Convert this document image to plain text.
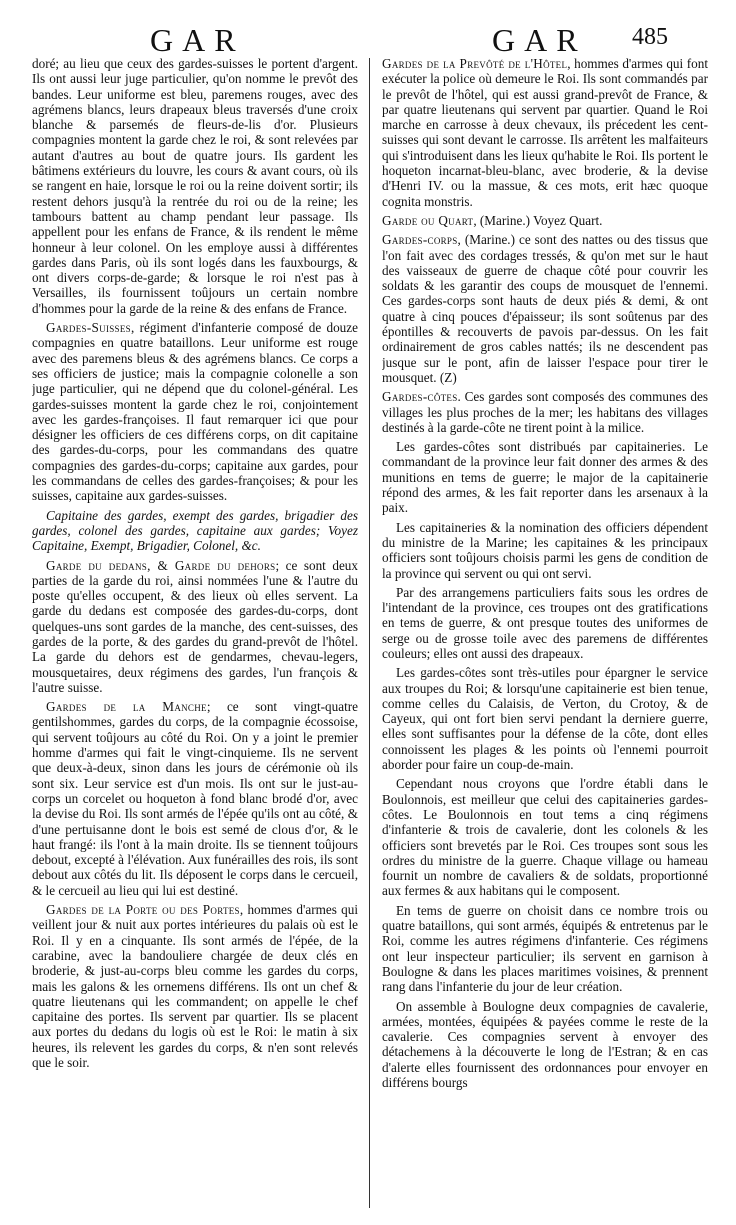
GAR	GAR 485

doré; au lieu que ceux des gardes-suisses le portent d'argent. Ils ont aussi leur juge particulier, qu'on nomme le prevôt des bandes. Leur uniforme est bleu, paremens rouges, avec des agrémens blancs, leurs drapeaux bleus traversés d'une croix blanche & parsemés de fleurs-de-lis d'or. Plusieurs compagnies montent la garde chez le roi, & sont relevées par autant d'autres au bout de quatre jours. Ils gardent les bâtimens extérieurs du louvre, les cours & avant cours, où ils se rangent en haie, lorsque le roi ou la reine doivent sortir; ils restent dehors jusqu'à la rentrée du roi ou de la reine; les tambours battent au champ pendant leur passage. Ils appellent pour les enfans de France, & ils rendent le même honneur à leur colonel. On les employe aussi à différentes gardes dans Paris, où ils sont logés dans les fauxbourgs, & ont divers corps-de-garde; & lorsque le roi n'est pas à Versailles, ils fournissent toûjours un certain nombre d'hommes pour la garde de la reine & des enfans de France.

Gardes-Suisses, régiment d'infanterie composé de douze compagnies en quatre bataillons. Leur uniforme est rouge avec des paremens bleus & des agrémens blancs. Ce corps a ses officiers de justice; mais la compagnie colonelle a son juge particulier, qui ne dépend que du colonel-général. Les gardes-suisses montent la garde chez le roi, conjointement avec les gardes-françoises. Il faut remarquer ici que pour désigner les officiers de ces différens corps, on dit capitaine des gardes-du-corps, pour les commandans des quatre compagnies des gardes-du-corps; capitaine aux gardes, pour les commandans de celles des gardes-françoises; & pour les suisses, capitaine aux gardes-suisses.

Capitaine des gardes, exempt des gardes, brigadier des gardes, colonel des gardes, capitaine aux gardes; Voyez Capitaine, Exempt, Brigadier, Colonel, &c.

Garde du dedans, & Garde du dehors; ce sont deux parties de la garde du roi, ainsi nommées l'une & l'autre du poste qu'elles occupent, & des lieux où elles servent. La garde du dedans est composée des gardes-du-corps, dont quelques-uns sont gardes de la manche, des cent-suisses, des gardes de la porte, & des gardes du grand-prevôt de l'hôtel. La garde du dehors est de gendarmes, chevau-legers, mousquetaires, deux régimens des gardes, l'un françois & l'autre suisse.

Gardes de la Manche; ce sont vingt-quatre gentilshommes, gardes du corps, de la compagnie écossoise, qui servent toûjours au côté du Roi. On y a joint le premier homme d'armes qui fait le vingt-cinquieme. Ils ne servent que deux-à-deux, sinon dans les jours de cérémonie où ils sont six. Leur service est d'un mois. Ils ont sur le just-au-corps un corcelet ou hoqueton à fond blanc brodé d'or, avec la devise du Roi. Ils sont armés de l'épée qu'ils ont au côté, & d'une pertuisanne dont le bois est semé de clous d'or, & le haut frangé: ils l'ont à la main droite. Ils se tiennent toûjours debout, excepté à l'élévation. Aux funérailles des rois, ils sont debout aux côtés du lit. Ils déposent le corps dans le cercueil, & le cercueil au lieu qui lui est destiné.

Gardes de la Porte ou des Portes, hommes d'armes qui veillent jour & nuit aux portes intérieures du palais où est le Roi. Il y en a cinquante. Ils sont armés de l'épée, de la carabine, avec la bandouliere chargée de deux clés en broderie, & just-au-corps bleu comme les gardes du corps, mais les galons & les ornemens différens. Ils ont un chef & quatre lieutenans qui les commandent; on appelle le chef capitaine des portes. Ils servent par quartier. Ils se placent aux portes du dedans du logis où est le Roi: le matin à six heures, ils relevent les gardes du corps, & n'en sont relevés que le soir.

Gardes de la Prevôté de l'Hôtel, hommes d'armes qui font exécuter la police où demeure le Roi. Ils sont commandés par le prevôt de l'hôtel, qui est aussi grand-prevôt de France, & par quatre lieutenans qui servent par quartier. Quand le Roi marche en carrosse à deux chevaux, ils précedent les cent-suisses qui sont devant le carrosse. Ils arrêtent les malfaiteurs qui s'introduisent dans les lieux qu'habite le Roi. Ils portent le hoqueton incarnat-bleu-blanc, avec broderie, & la devise d'Henri IV. ou la massue, & ces mots, erit hæc quoque cognita monstris.

Garde ou Quart, (Marine.) Voyez Quart.

Gardes-corps, (Marine.) ce sont des nattes ou des tissus que l'on fait avec des cordages tressés, & qu'on met sur le haut des vaisseaux de guerre de chaque côté pour couvrir les soldats & les garantir des coups de mousquet de l'ennemi. Ces gardes-corps sont hauts de deux piés & demi, & ont quatre à cinq pouces d'épaisseur; ils sont soûtenus par des épontilles & recouverts de pavois par-dessus. On les fait ordinairement de gros cables nattés; ils ne descendent pas jusque sur le pont, afin de laisser l'espace pour tirer le mousquet. (Z)

Gardes-côtes. Ces gardes sont composés des communes des villages les plus proches de la mer; les habitans des villages destinés à la garde-côte ne tirent point à la milice.

Les gardes-côtes sont distribués par capitaineries. Le commandant de la province leur fait donner des armes & des munitions en tems de guerre; le major de la capitainerie répond des armes, & les fait reporter dans les arsenaux à la paix.

Les capitaineries & la nomination des officiers dépendent du ministre de la Marine; les capitaines & les principaux officiers sont toûjours choisis parmi les gens de condition de la province qui servent ou qui ont servi.

Par des arrangemens particuliers faits sous les ordres de l'intendant de la province, ces troupes ont des gratifications en tems de guerre, & ont presque toutes des uniformes de serge ou de grosse toile avec des paremens de différentes couleurs; elles ont aussi des drapeaux.

Les gardes-côtes sont très-utiles pour épargner le service aux troupes du Roi; & lorsqu'une capitainerie est bien tenue, comme celles du Calaisis, de Verton, du Crotoy, & de Cayeux, qui ont fort bien servi pendant la derniere guerre, elles sont suffisantes pour la défense de la côte, dont elles connoissent les plages & les points où l'ennemi pourroit aborder pour faire un coup-de-main.

Cependant nous croyons que l'ordre établi dans le Boulonnois, est meilleur que celui des capitaineries gardes-côtes. Le Boulonnois en tout tems a cinq régimens d'infanterie & trois de cavalerie, dont les colonels & les officiers sont brevetés par le Roi. Ces troupes sont sous les ordres du ministre de la guerre. Chaque village ou hameau fournit un nombre de cavaliers & de soldats, proportionné aux fermes & aux habitans qui le composent.

En tems de guerre on choisit dans ce nombre trois ou quatre bataillons, qui sont armés, équipés & entretenus par le Roi, comme les autres régimens d'infanterie. Ces régimens ont leur inspecteur particulier; ils servent en garnison à Boulogne & dans les places maritimes voisines, & prennent rang dans l'infanterie du jour de leur création.

On assemble à Boulogne deux compagnies de cavalerie, armées, montées, équipées & payées comme le reste de la cavalerie. Ces compagnies servent à envoyer des détachemens à la découverte le long de l'Estran; & en cas d'alerte elles fournissent des ordonnances pour envoyer en différens bourgs
